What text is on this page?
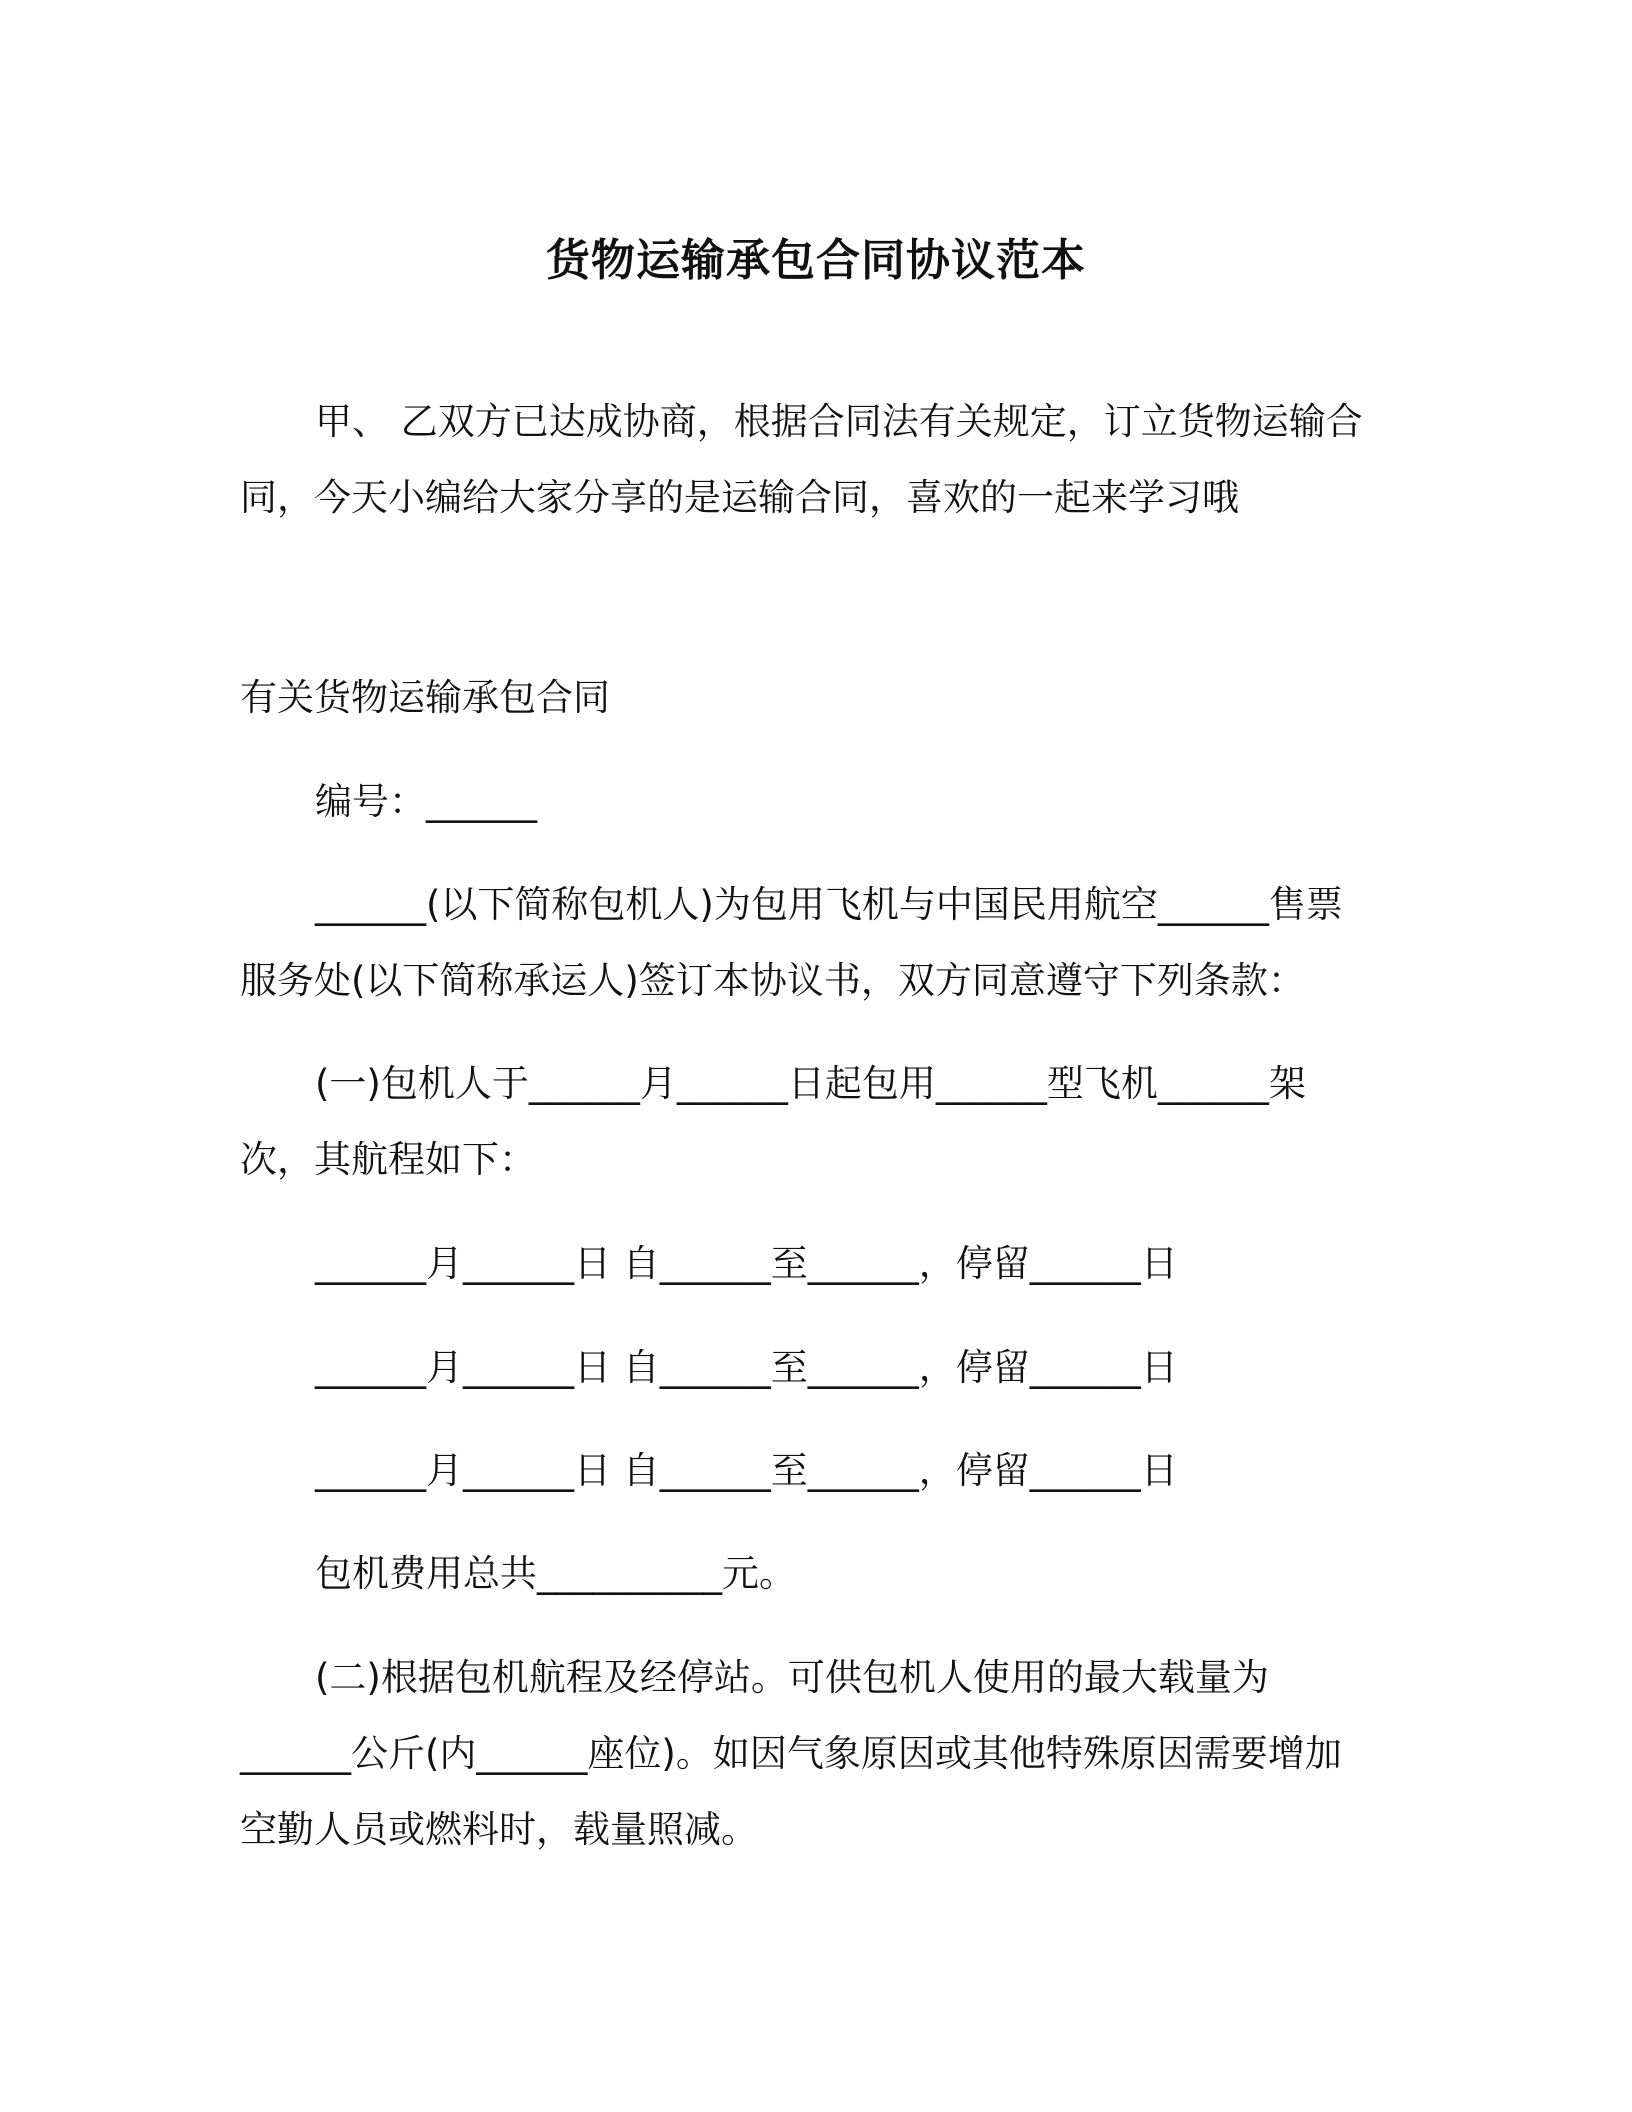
货物运输承包合同协议范本
甲、 乙双方已达成协商，根据合同法有关规定，订立货物运输合
同，今天小编给大家分享的是运输合同，喜欢的一起来学习哦
有关货物运输承包合同
编号：______
______(以下简称包机人)为包用飞机与中国民用航空______售票
服务处(以下简称承运人)签订本协议书，双方同意遵守下列条款：
(一)包机人于______月______日起包用______型飞机______架
次，其航程如下：
______月______日 自______至______，停留______日
______月______日 自______至______，停留______日
______月______日 自______至______，停留______日
包机费用总共__________元。
(二)根据包机航程及经停站。可供包机人使用的最大载量为
______公斤(内______座位)。如因气象原因或其他特殊原因需要增加
空勤人员或燃料时，载量照减。
